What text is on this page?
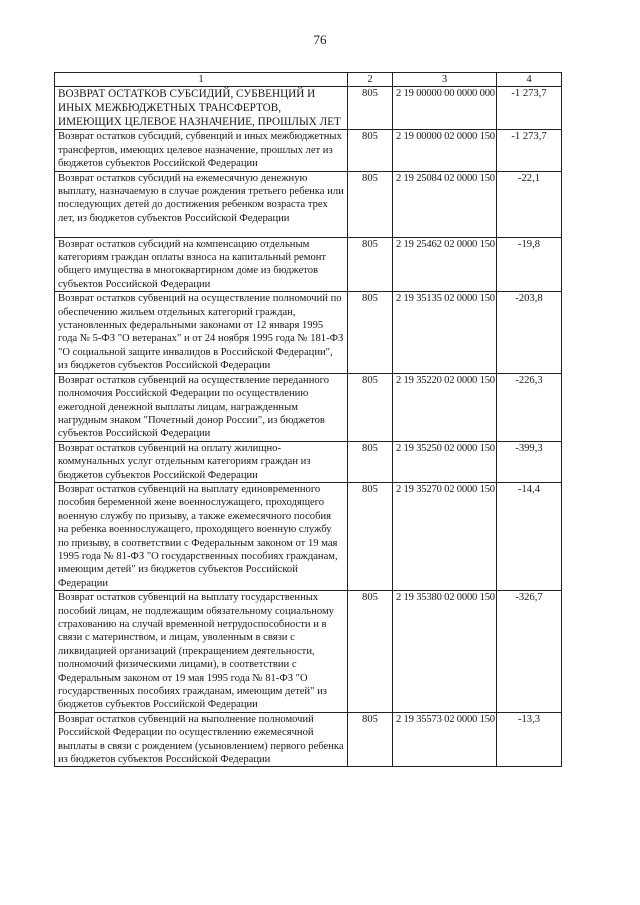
76
1	2	3	4
ВОЗВРАТ ОСТАТКОВ СУБСИДИЙ, СУБВЕНЦИЙ И ИНЫХ МЕЖБЮДЖЕТНЫХ ТРАНСФЕРТОВ, ИМЕЮЩИХ ЦЕЛЕВОЕ НАЗНАЧЕНИЕ, ПРОШЛЫХ ЛЕТ	805	2 19 00000 00 0000 000	-1 273,7
Возврат остатков субсидий, субвенций и иных межбюджетных трансфертов, имеющих целевое назначение, прошлых лет из бюджетов субъектов Российской Федерации	805	2 19 00000 02 0000 150	-1 273,7
Возврат остатков субсидий на ежемесячную денежную выплату, назначаемую в случае рождения третьего ребенка или последующих детей до достижения ребенком возраста трех лет, из бюджетов субъектов Российской Федерации	805	2 19 25084 02 0000 150	-22,1
Возврат остатков субсидий на компенсацию отдельным категориям граждан оплаты взноса на капитальный ремонт общего имущества в многоквартирном доме из бюджетов субъектов Российской Федерации	805	2 19 25462 02 0000 150	-19,8
Возврат остатков субвенций на осуществление полномочий по обеспечению жильем отдельных категорий граждан, установленных федеральными законами от 12 января 1995 года № 5-ФЗ "О ветеранах" и от 24 ноября 1995 года № 181-ФЗ "О социальной защите инвалидов в Российской Федерации", из бюджетов субъектов Российской Федерации	805	2 19 35135 02 0000 150	-203,8
Возврат остатков субвенций на осуществление переданного полномочия Российской Федерации по осуществлению ежегодной денежной выплаты лицам, награжденным нагрудным знаком "Почетный донор России", из бюджетов субъектов Российской Федерации	805	2 19 35220 02 0000 150	-226,3
Возврат остатков субвенций на оплату жилищно-коммунальных услуг отдельным категориям граждан из бюджетов субъектов Российской Федерации	805	2 19 35250 02 0000 150	-399,3
Возврат остатков субвенций на выплату единовременного пособия беременной жене военнослужащего, проходящего военную службу по призыву, а также ежемесячного пособия на ребенка военнослужащего, проходящего военную службу по призыву, в соответствии с Федеральным законом от 19 мая 1995 года № 81-ФЗ "О государственных пособиях гражданам, имеющим детей" из бюджетов субъектов Российской Федерации	805	2 19 35270 02 0000 150	-14,4
Возврат остатков субвенций на выплату государственных пособий лицам, не подлежащим обязательному социальному страхованию на случай временной нетрудоспособности и в связи с материнством, и лицам, уволенным в связи с ликвидацией организаций (прекращением деятельности, полномочий физическими лицами), в соответствии с Федеральным законом от 19 мая 1995 года № 81-ФЗ "О государственных пособиях гражданам, имеющим детей" из бюджетов субъектов Российской Федерации	805	2 19 35380 02 0000 150	-326,7
Возврат остатков субвенций на выполнение полномочий Российской Федерации по осуществлению ежемесячной выплаты в связи с рождением (усыновлением) первого ребенка из бюджетов субъектов Российской Федерации	805	2 19 35573 02 0000 150	-13,3
